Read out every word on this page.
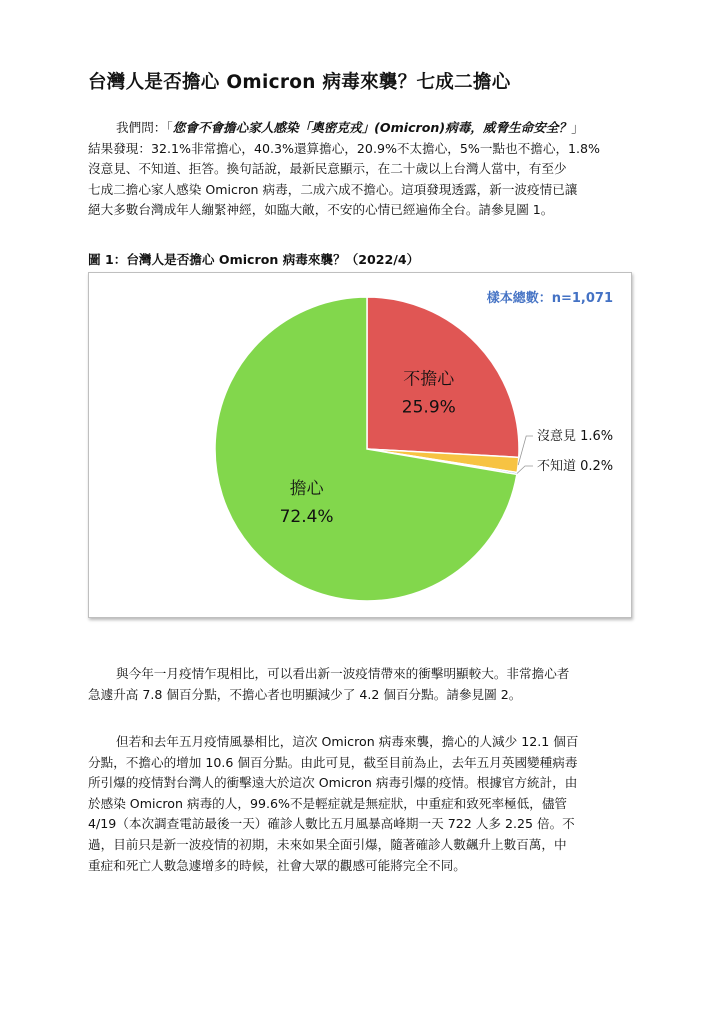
台灣人是否擔心 Omicron 病毒來襲？七成二擔心
我們問：「您會不會擔心家人感染「奧密克戎」(Omicron)病毒，威脅生命安全？」
結果發現：32.1%非常擔心，40.3%還算擔心，20.9%不太擔心，5%一點也不擔心，1.8%
沒意見、不知道、拒答。換句話說，最新民意顯示，在二十歲以上台灣人當中，有至少
七成二擔心家人感染 Omicron 病毒，二成六成不擔心。這項發現透露，新一波疫情已讓
絕大多數台灣成年人繃緊神經，如臨大敵，不安的心情已經遍佈全台。請參見圖 1。
圖 1：台灣人是否擔心 Omicron 病毒來襲？（2022/4）
樣本總數：n=1,071
不擔心
25.9%
擔心
72.4%
沒意見 1.6%
不知道 0.2%
與今年一月疫情乍現相比，可以看出新一波疫情帶來的衝擊明顯較大。非常擔心者
急遽升高 7.8 個百分點，不擔心者也明顯減少了 4.2 個百分點。請參見圖 2。
但若和去年五月疫情風暴相比，這次 Omicron 病毒來襲，擔心的人減少 12.1 個百
分點，不擔心的增加 10.6 個百分點。由此可見，截至目前為止，去年五月英國變種病毒
所引爆的疫情對台灣人的衝擊遠大於這次 Omicron 病毒引爆的疫情。根據官方統計，由
於感染 Omicron 病毒的人，99.6%不是輕症就是無症狀，中重症和致死率極低，儘管
4/19（本次調查電訪最後一天）確診人數比五月風暴高峰期一天 722 人多 2.25 倍。不
過，目前只是新一波疫情的初期，未來如果全面引爆，隨著確診人數飆升上數百萬，中
重症和死亡人數急遽增多的時候，社會大眾的觀感可能將完全不同。
